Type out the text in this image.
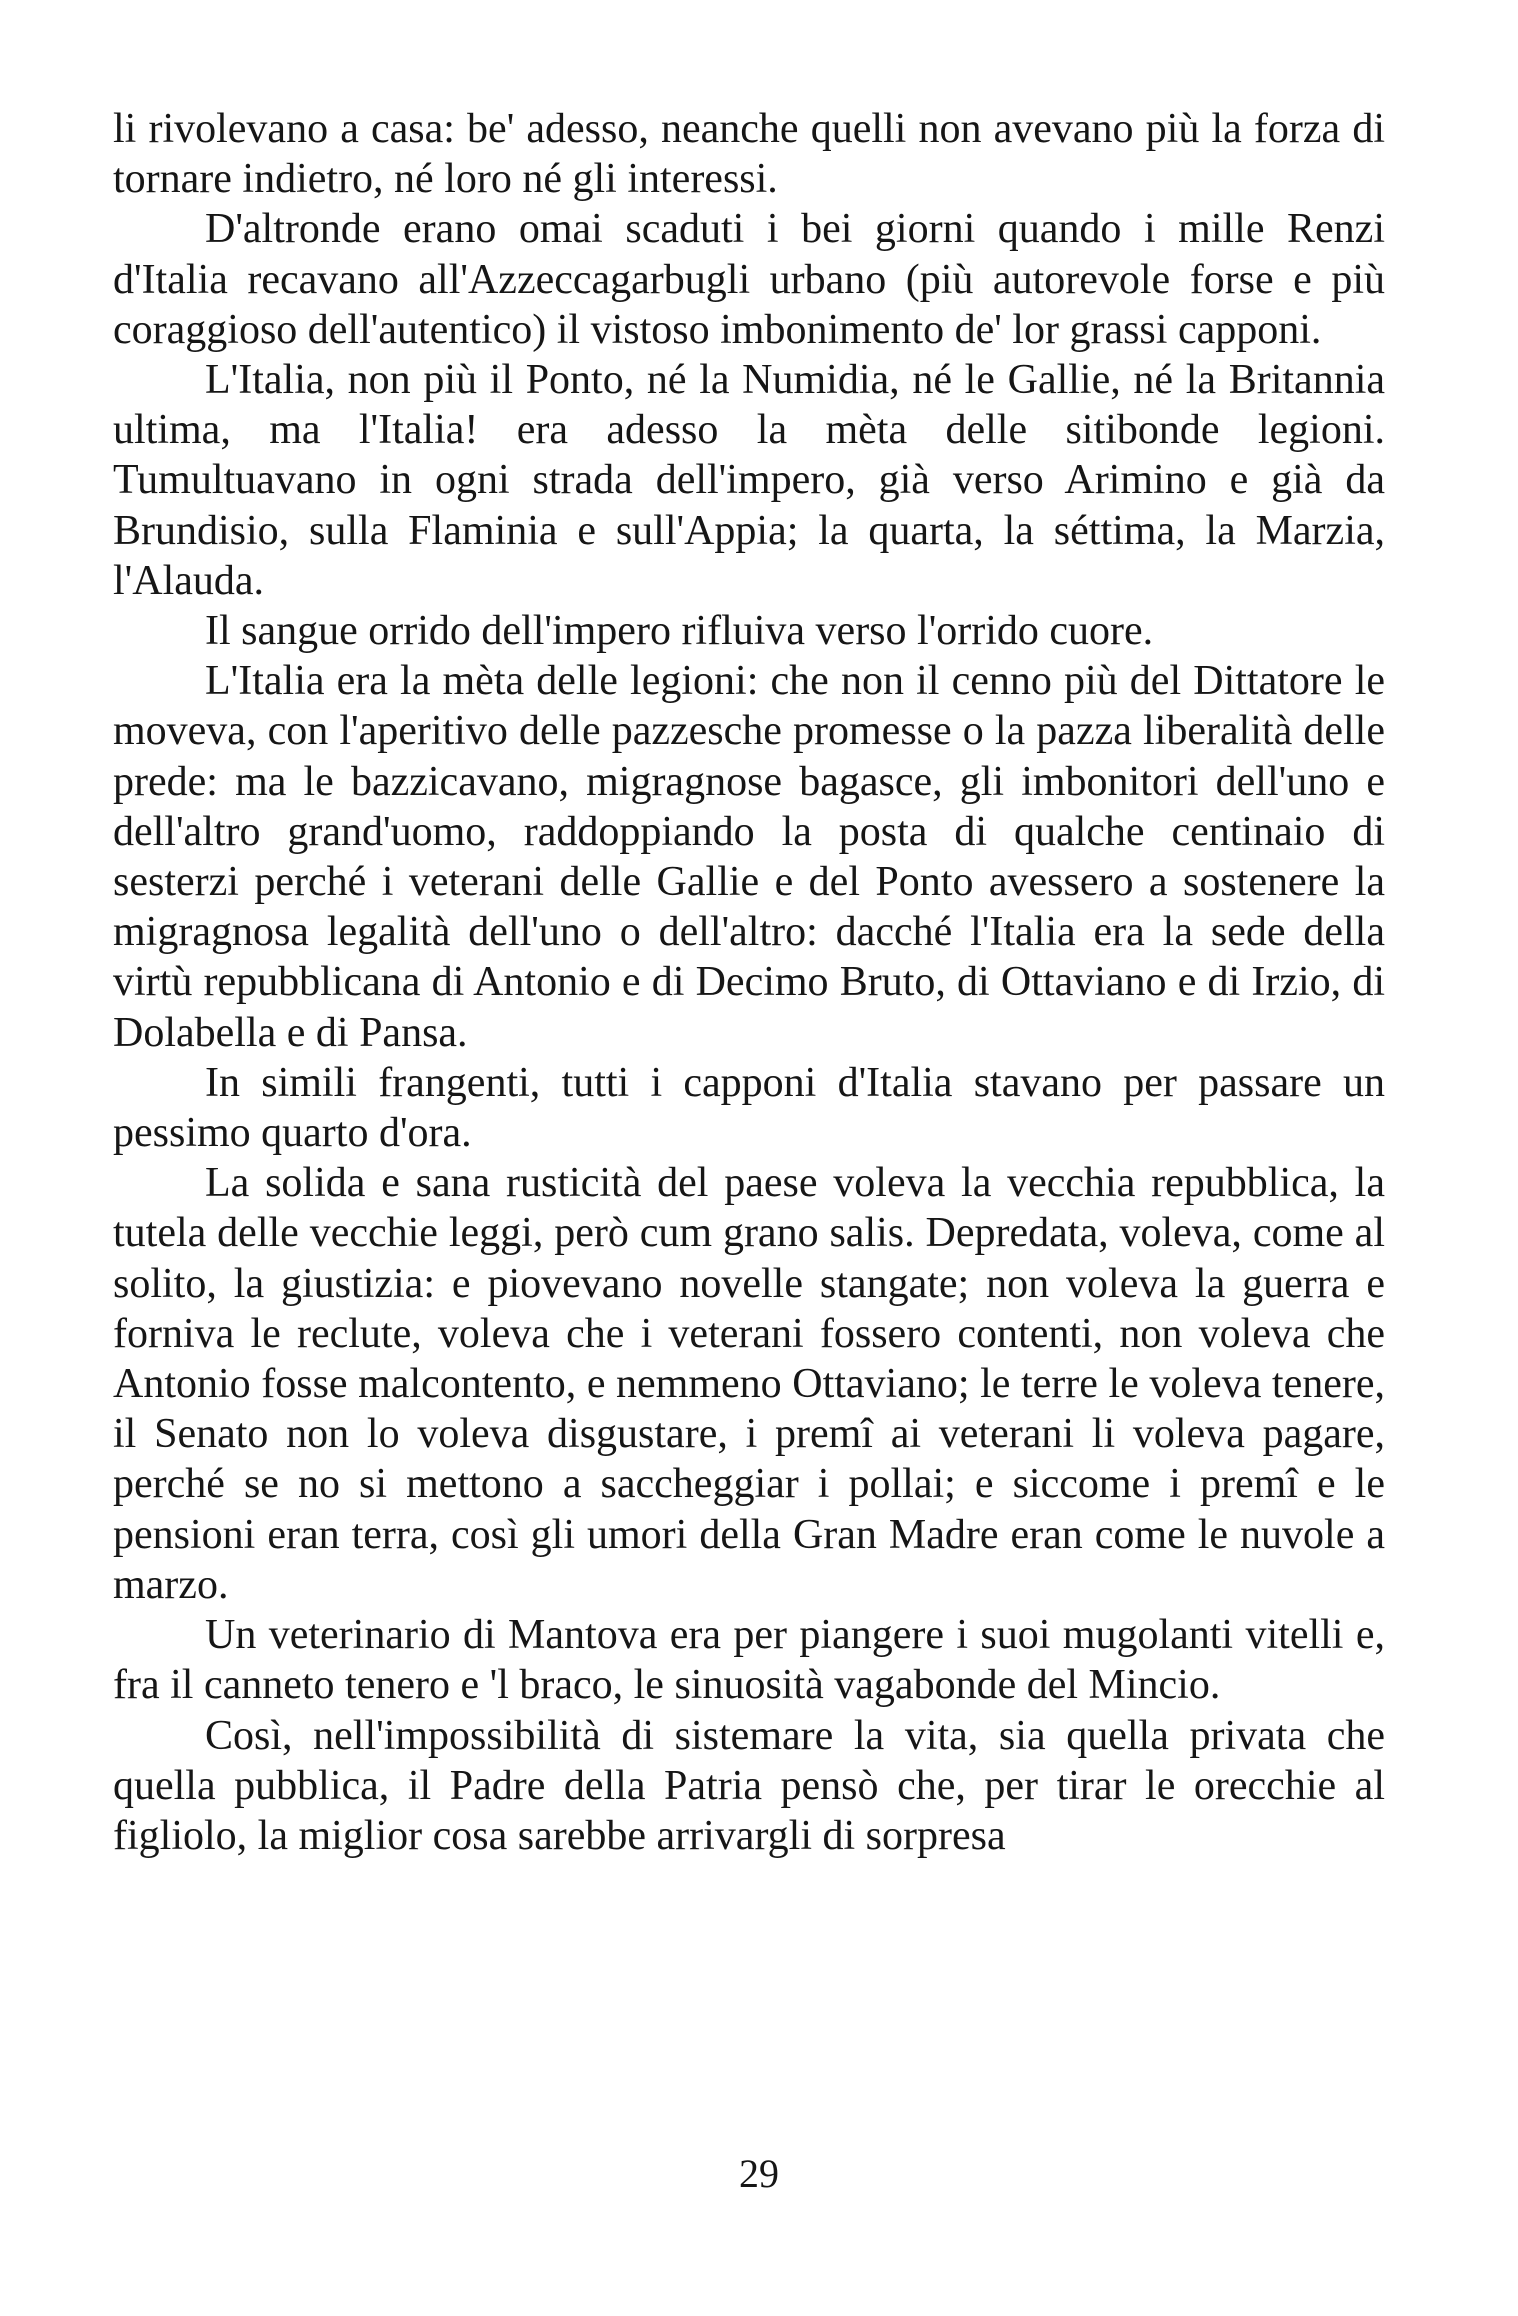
li rivolevano a casa: be' adesso, neanche quelli non avevano più la forza di tornare indietro, né loro né gli interessi.

D'altronde erano omai scaduti i bei giorni quando i mille Renzi d'Italia recavano all'Azzeccagarbugli urbano (più autorevole forse e più coraggioso dell'autentico) il vistoso imbonimento de' lor grassi capponi.

L'Italia, non più il Ponto, né la Numidia, né le Gallie, né la Britannia ultima, ma l'Italia! era adesso la mèta delle sitibonde legioni. Tumultuavano in ogni strada dell'impero, già verso Arimino e già da Brundisio, sulla Flaminia e sull'Appia; la quarta, la séttima, la Marzia, l'Alauda.

Il sangue orrido dell'impero rifluiva verso l'orrido cuore.

L'Italia era la mèta delle legioni: che non il cenno più del Dittatore le moveva, con l'aperitivo delle pazzesche promesse o la pazza liberalità delle prede: ma le bazzicavano, migragnose bagasce, gli imbonitori dell'uno e dell'altro grand'uomo, raddoppiando la posta di qualche centinaio di sesterzi perché i veterani delle Gallie e del Ponto avessero a sostenere la migragnosa legalità dell'uno o dell'altro: dacché l'Italia era la sede della virtù repubblicana di Antonio e di Decimo Bruto, di Ottaviano e di Irzio, di Dolabella e di Pansa.

In simili frangenti, tutti i capponi d'Italia stavano per passare un pessimo quarto d'ora.

La solida e sana rusticità del paese voleva la vecchia repubblica, la tutela delle vecchie leggi, però cum grano salis. Depredata, voleva, come al solito, la giustizia: e piovevano novelle stangate; non voleva la guerra e forniva le reclute, voleva che i veterani fossero contenti, non voleva che Antonio fosse malcontento, e nemmeno Ottaviano; le terre le voleva tenere, il Senato non lo voleva disgustare, i premî ai veterani li voleva pagare, perché se no si mettono a saccheggiar i pollai; e siccome i premî e le pensioni eran terra, così gli umori della Gran Madre eran come le nuvole a marzo.

Un veterinario di Mantova era per piangere i suoi mugolanti vitelli e, fra il canneto tenero e 'l braco, le sinuosità vagabonde del Mincio.

Così, nell'impossibilità di sistemare la vita, sia quella privata che quella pubblica, il Padre della Patria pensò che, per tirar le orecchie al figliolo, la miglior cosa sarebbe arrivargli di sorpresa

29
